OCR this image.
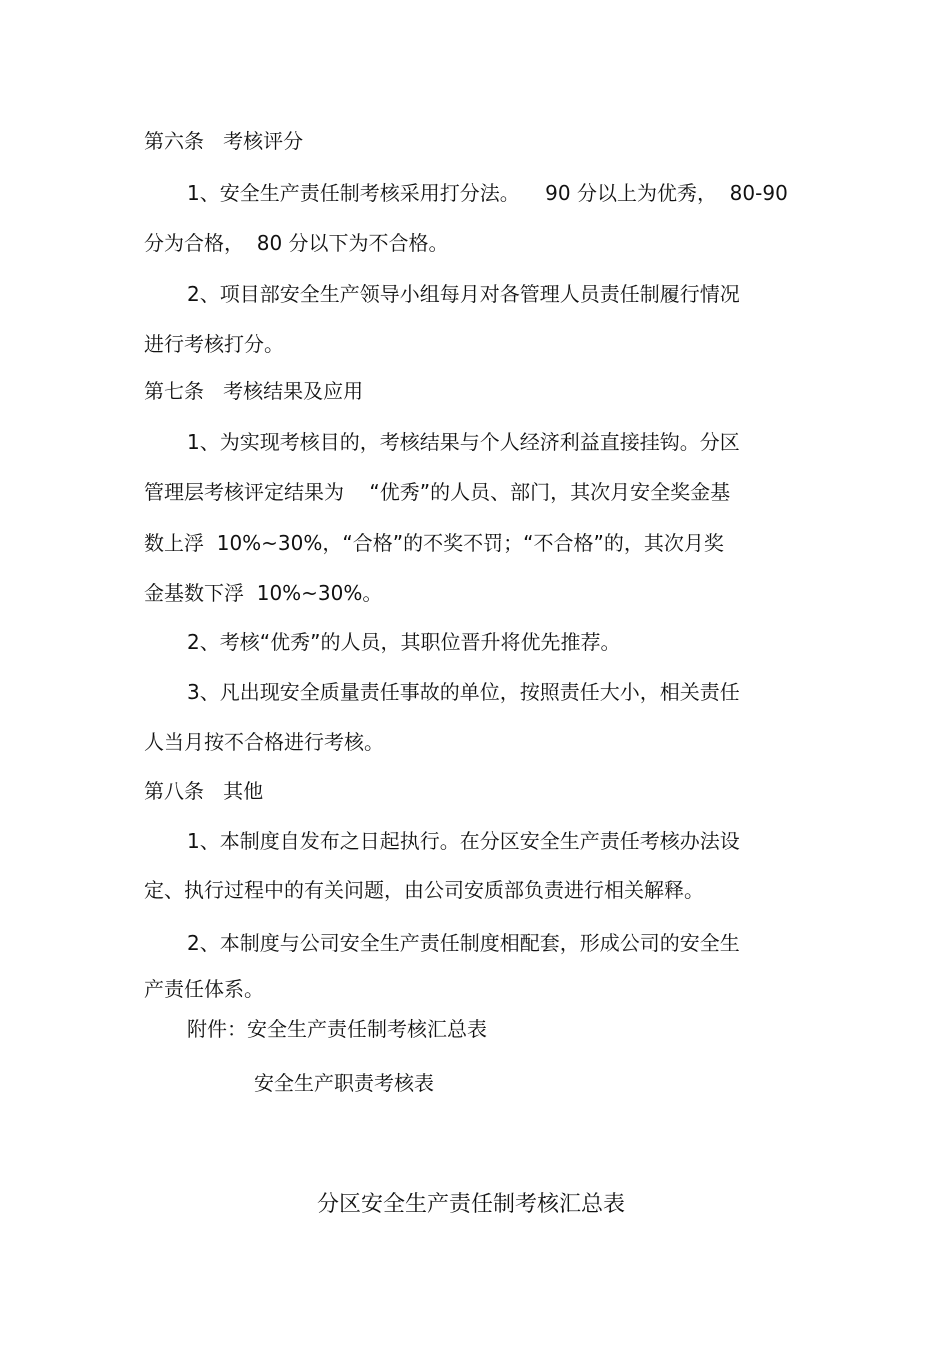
第六条   考核评分

1、安全生产责任制考核采用打分法。    90 分以上为优秀，  80-90

分为合格，  80 分以下为不合格。

2、项目部安全生产领导小组每月对各管理人员责任制履行情况

进行考核打分。

第七条   考核结果及应用

1、为实现考核目的，考核结果与个人经济利益直接挂钩。分区

管理层考核评定结果为    “优秀”的人员、部门，其次月安全奖金基

数上浮  10%~30%，“合格”的不奖不罚；“不合格”的，其次月奖

金基数下浮  10%~30%。

2、考核“优秀”的人员，其职位晋升将优先推荐。

3、凡出现安全质量责任事故的单位，按照责任大小，相关责任

人当月按不合格进行考核。

第八条   其他

1、本制度自发布之日起执行。在分区安全生产责任考核办法设

定、执行过程中的有关问题，由公司安质部负责进行相关解释。

2、本制度与公司安全生产责任制度相配套，形成公司的安全生

产责任体系。

附件：安全生产责任制考核汇总表

安全生产职责考核表

分区安全生产责任制考核汇总表
